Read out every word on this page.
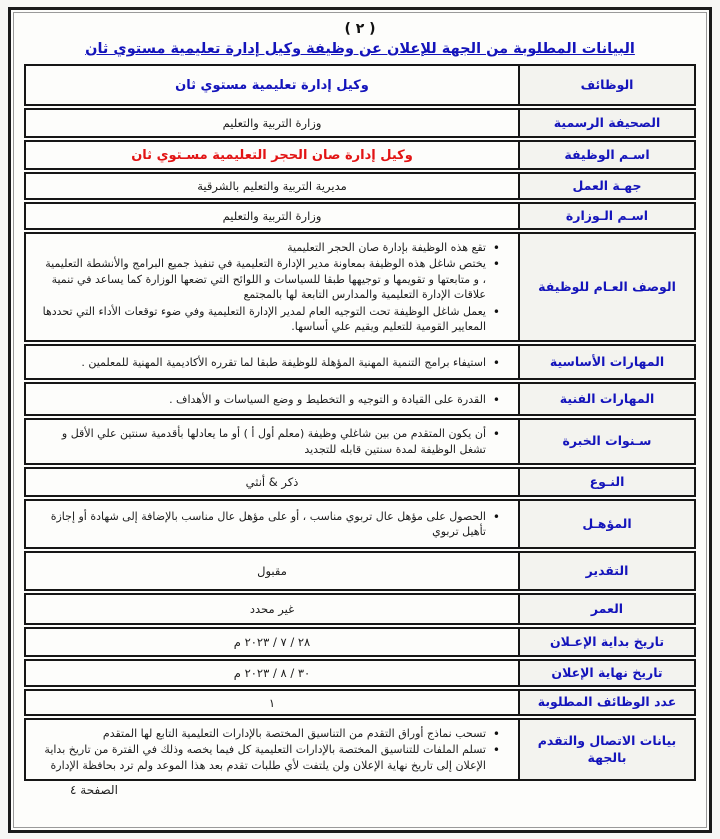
( ٢ )
البيانات المطلوبة من الجهة للإعلان عن وظيفة وكيل إدارة تعليمية مستوي ثان
الوظائف
وكيل إدارة تعليمية مستوي ثان
الصحيفة الرسمية
وزارة التربية والتعليم
اسـم الوظيفة
وكيل إدارة صان الحجر التعليمية مسـتوي ثان
جهـة العمل
مديرية التربية والتعليم بالشرقية
اسـم الـوزارة
وزارة التربية والتعليم
الوصف العـام للوظيفة
• تقع هذه الوظيفة بإدارة صان الحجر التعليمية
• يختص شاغل هذه الوظيفة بمعاونة مدير الإدارة التعليمية في تنفيذ جميع البرامج والأنشطة التعليمية ، و متابعتها و تقويمها و توجيهها طبقا للسياسات و اللوائح التي تضعها الوزارة كما يساعد في تنمية علاقات الإدارة التعليمية والمدارس التابعة لها بالمجتمع
• يعمل شاغل الوظيفة تحت التوجيه العام لمدير الإدارة التعليمية وفي ضوء توقعات الأداء التي تحددها المعايير القومية للتعليم ويقيم علي أساسها.
المهارات الأساسية
• استيفاء برامج التنمية المهنية المؤهلة للوظيفة طبقا لما تقرره الأكاديمية المهنية للمعلمين .
المهارات الفنية
• القدرة على القيادة و التوجيه و التخطيط و وضع السياسات و الأهداف .
سـنوات الخبرة
• أن يكون المتقدم من بين شاغلي وظيفة (معلم أول أ ) أو ما يعادلها بأقدمية سنتين علي الأقل و تشغل الوظيفة لمدة سنتين قابله للتجديد
النـوع
ذكر & أنثي
المؤهـل
• الحصول على مؤهل عال تربوي مناسب ، أو على مؤهل عال مناسب بالإضافة إلى شهادة أو إجازة تأهيل تربوي
التقدير
مقبول
العمر
غير محدد
تاريخ بداية الإعـلان
٢٨ / ٧ / ٢٠٢٣ م
تاريخ نهاية الإعلان
٣٠ / ٨ / ٢٠٢٣ م
عدد الوظائف المطلوبة
١
بيانات الاتصال والتقدم بالجهة
• تسحب نماذج أوراق التقدم من التناسيق المختصة بالإدارات التعليمية التابع لها المتقدم
• تسلم الملفات للتناسيق المختصة بالإدارات التعليمية كل فيما يخصه وذلك في الفترة من تاريخ بداية الإعلان إلى تاريخ نهاية الإعلان ولن يلتفت لأي طلبات تقدم بعد هذا الموعد ولم ترد بحافظة الإدارة
الصفحة ٤
